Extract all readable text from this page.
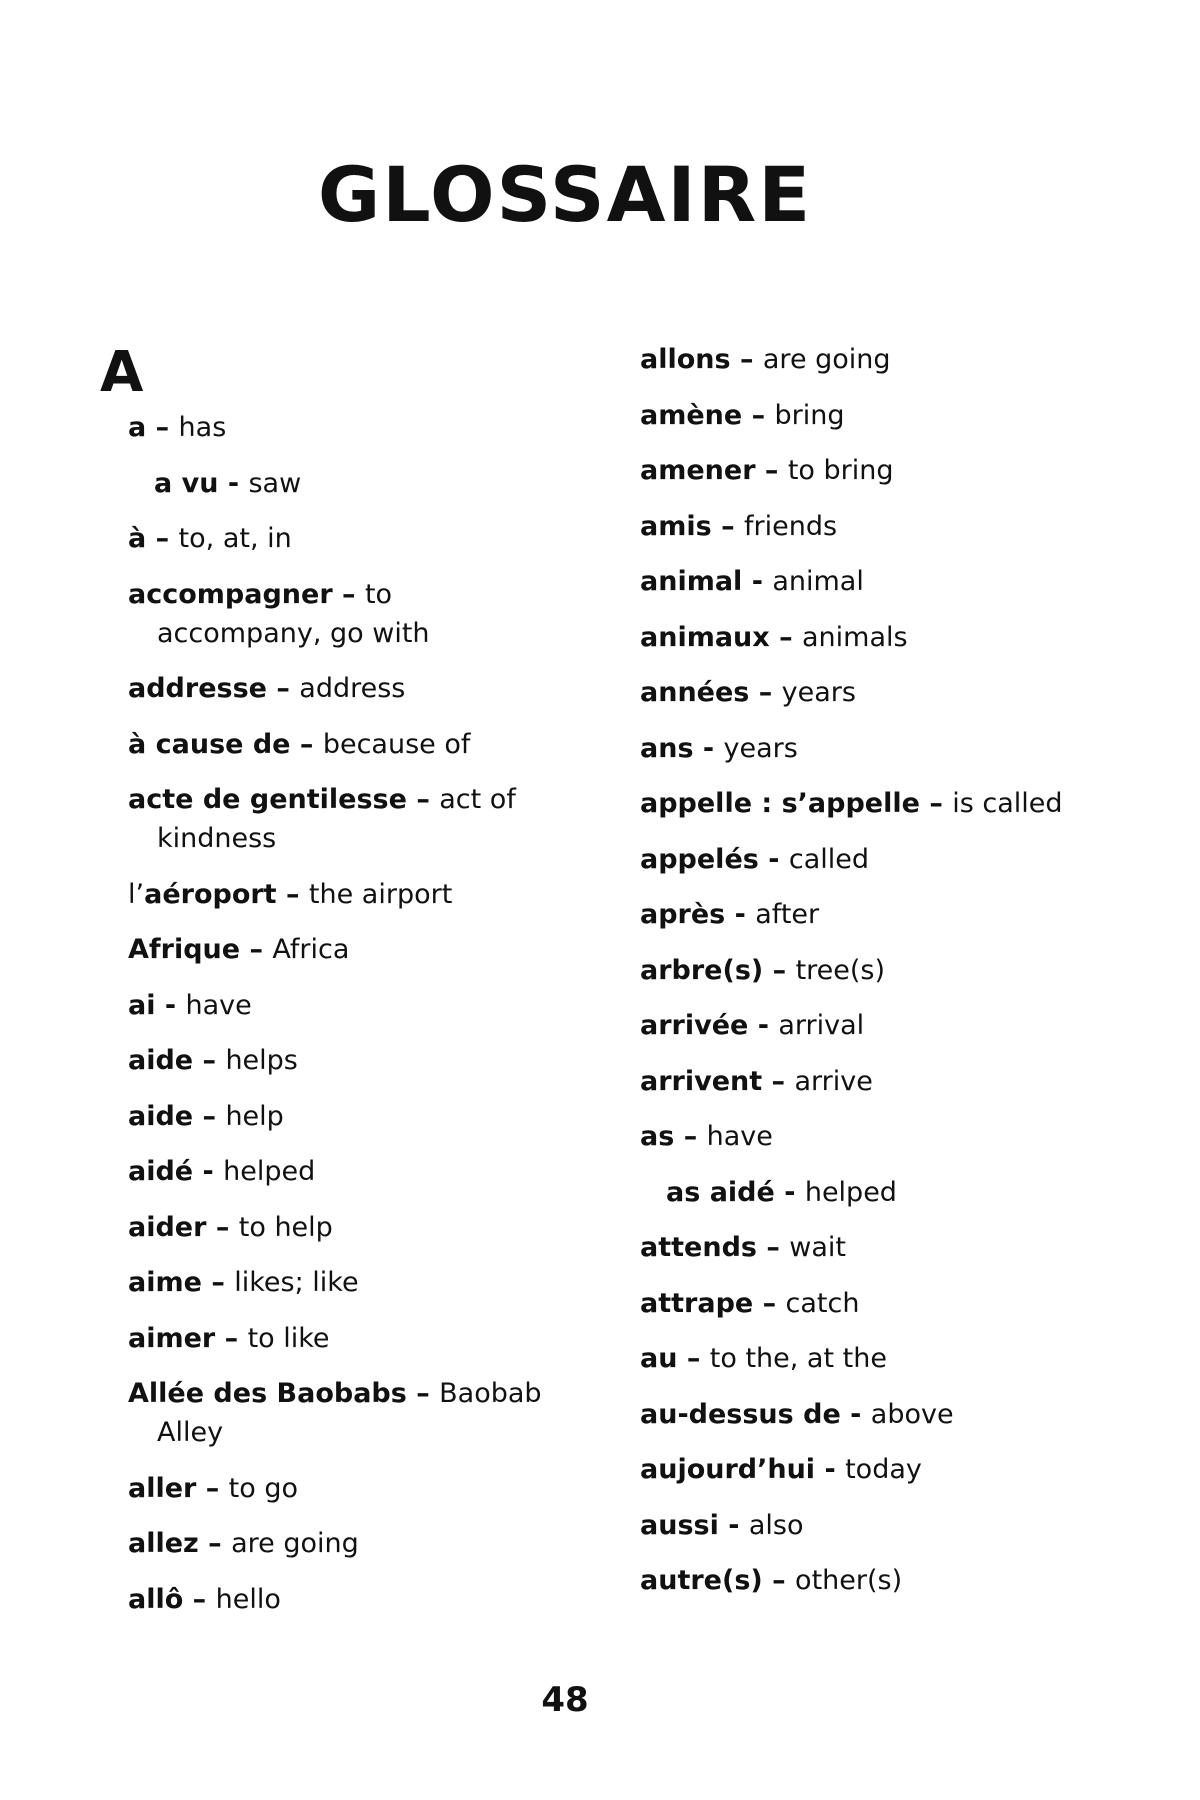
GLOSSAIRE
A
a – has
a vu - saw
à – to, at, in
accompagner – to accompany, go with
addresse – address
à cause de – because of
acte de gentilesse – act of kindness
l’aéroport – the airport
Afrique – Africa
ai - have
aide – helps
aide – help
aidé - helped
aider – to help
aime – likes; like
aimer – to like
Allée des Baobabs – Baobab Alley
aller – to go
allez – are going
allô – hello
allons – are going
amène – bring
amener – to bring
amis – friends
animal - animal
animaux – animals
années – years
ans - years
appelle : s’appelle – is called
appelés - called
après - after
arbre(s) – tree(s)
arrivée - arrival
arrivent – arrive
as – have
as aidé - helped
attends – wait
attrape – catch
au – to the, at the
au-dessus de - above
aujourd’hui - today
aussi - also
autre(s) – other(s)
48
